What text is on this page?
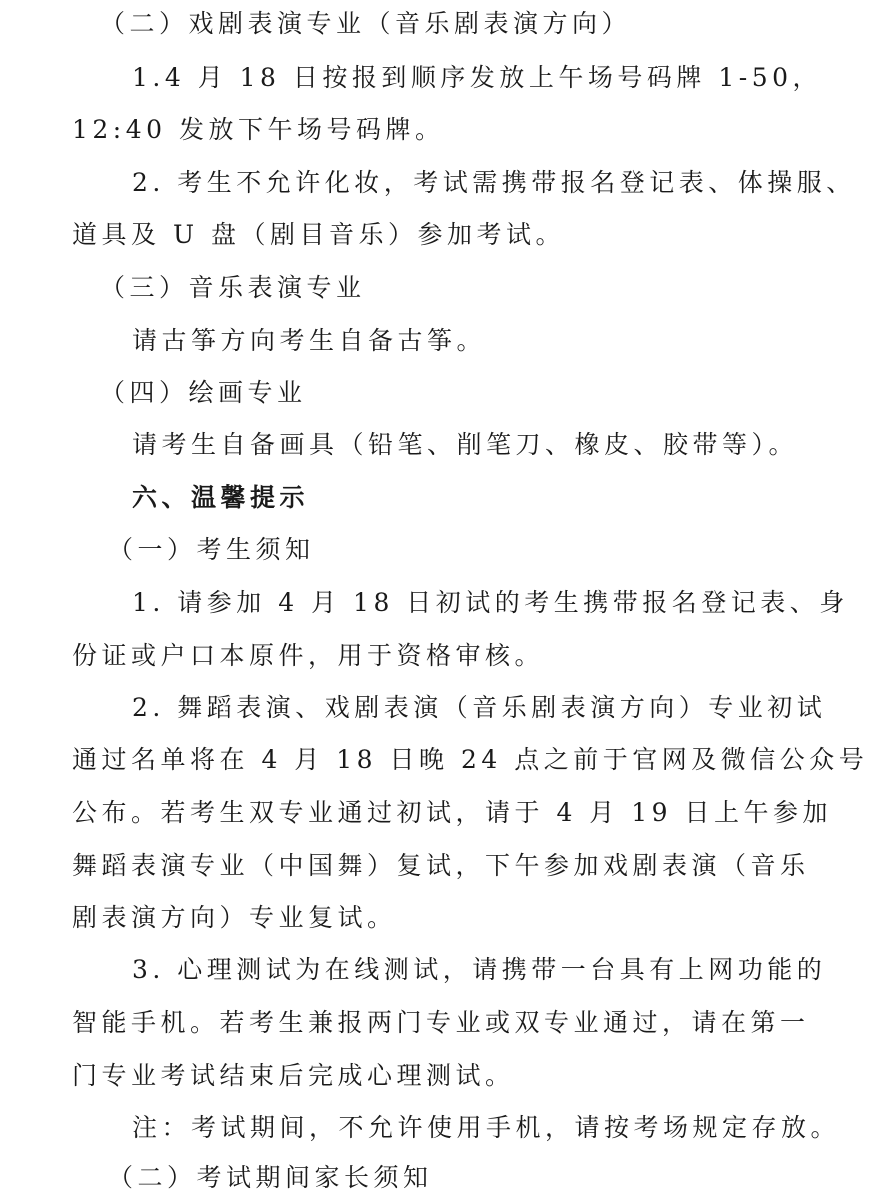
（二）戏剧表演专业（音乐剧表演方向）
1.4 月 18 日按报到顺序发放上午场号码牌 1-50，
12:40 发放下午场号码牌。
2. 考生不允许化妆，考试需携带报名登记表、体操服、
道具及 U 盘（剧目音乐）参加考试。
（三）音乐表演专业
请古筝方向考生自备古筝。
（四）绘画专业
请考生自备画具（铅笔、削笔刀、橡皮、胶带等）。
六、温馨提示
（一）考生须知
1. 请参加 4 月 18 日初试的考生携带报名登记表、身
份证或户口本原件，用于资格审核。
2. 舞蹈表演、戏剧表演（音乐剧表演方向）专业初试
通过名单将在 4 月 18 日晚 24 点之前于官网及微信公众号
公布。若考生双专业通过初试，请于 4 月 19 日上午参加
舞蹈表演专业（中国舞）复试，下午参加戏剧表演（音乐
剧表演方向）专业复试。
3. 心理测试为在线测试，请携带一台具有上网功能的
智能手机。若考生兼报两门专业或双专业通过，请在第一
门专业考试结束后完成心理测试。
注：考试期间，不允许使用手机，请按考场规定存放。
（二）考试期间家长须知
